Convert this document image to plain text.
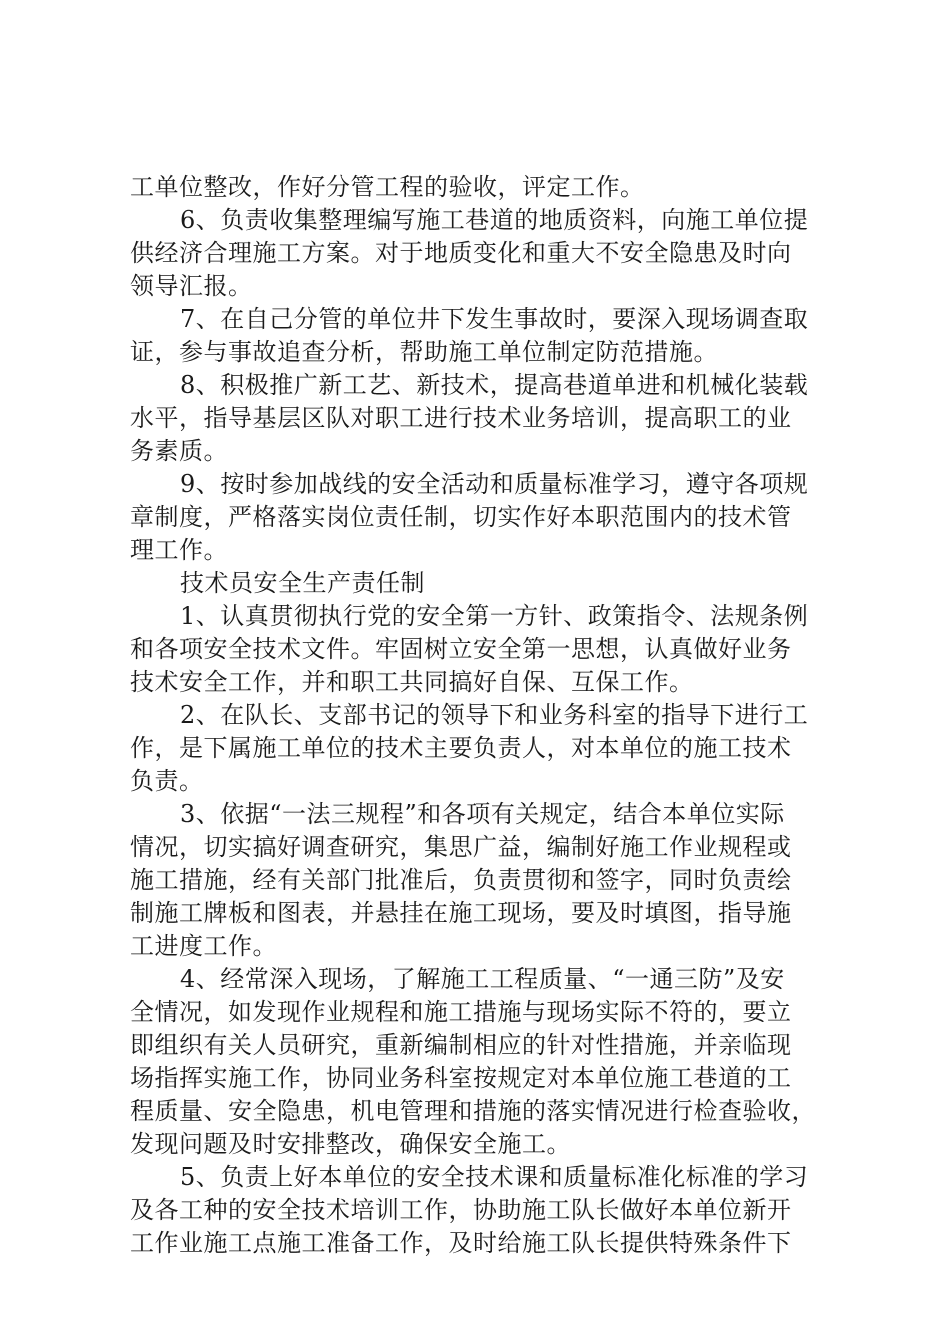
工单位整改，作好分管工程的验收，评定工作。
6、负责收集整理编写施工巷道的地质资料，向施工单位提
供经济合理施工方案。对于地质变化和重大不安全隐患及时向
领导汇报。
7、在自己分管的单位井下发生事故时，要深入现场调查取
证，参与事故追查分析，帮助施工单位制定防范措施。
8、积极推广新工艺、新技术，提高巷道单进和机械化装载
水平，指导基层区队对职工进行技术业务培训，提高职工的业
务素质。
9、按时参加战线的安全活动和质量标准学习，遵守各项规
章制度，严格落实岗位责任制，切实作好本职范围内的技术管
理工作。
技术员安全生产责任制
1、认真贯彻执行党的安全第一方针、政策指令、法规条例
和各项安全技术文件。牢固树立安全第一思想，认真做好业务
技术安全工作，并和职工共同搞好自保、互保工作。
2、在队长、支部书记的领导下和业务科室的指导下进行工
作，是下属施工单位的技术主要负责人，对本单位的施工技术
负责。
3、依据“一法三规程”和各项有关规定，结合本单位实际
情况，切实搞好调查研究，集思广益，编制好施工作业规程或
施工措施，经有关部门批准后，负责贯彻和签字，同时负责绘
制施工牌板和图表，并悬挂在施工现场，要及时填图，指导施
工进度工作。
4、经常深入现场，了解施工工程质量、“一通三防”及安
全情况，如发现作业规程和施工措施与现场实际不符的，要立
即组织有关人员研究，重新编制相应的针对性措施，并亲临现
场指挥实施工作，协同业务科室按规定对本单位施工巷道的工
程质量、安全隐患，机电管理和措施的落实情况进行检查验收，
发现问题及时安排整改，确保安全施工。
5、负责上好本单位的安全技术课和质量标准化标准的学习
及各工种的安全技术培训工作，协助施工队长做好本单位新开
工作业施工点施工准备工作，及时给施工队长提供特殊条件下
